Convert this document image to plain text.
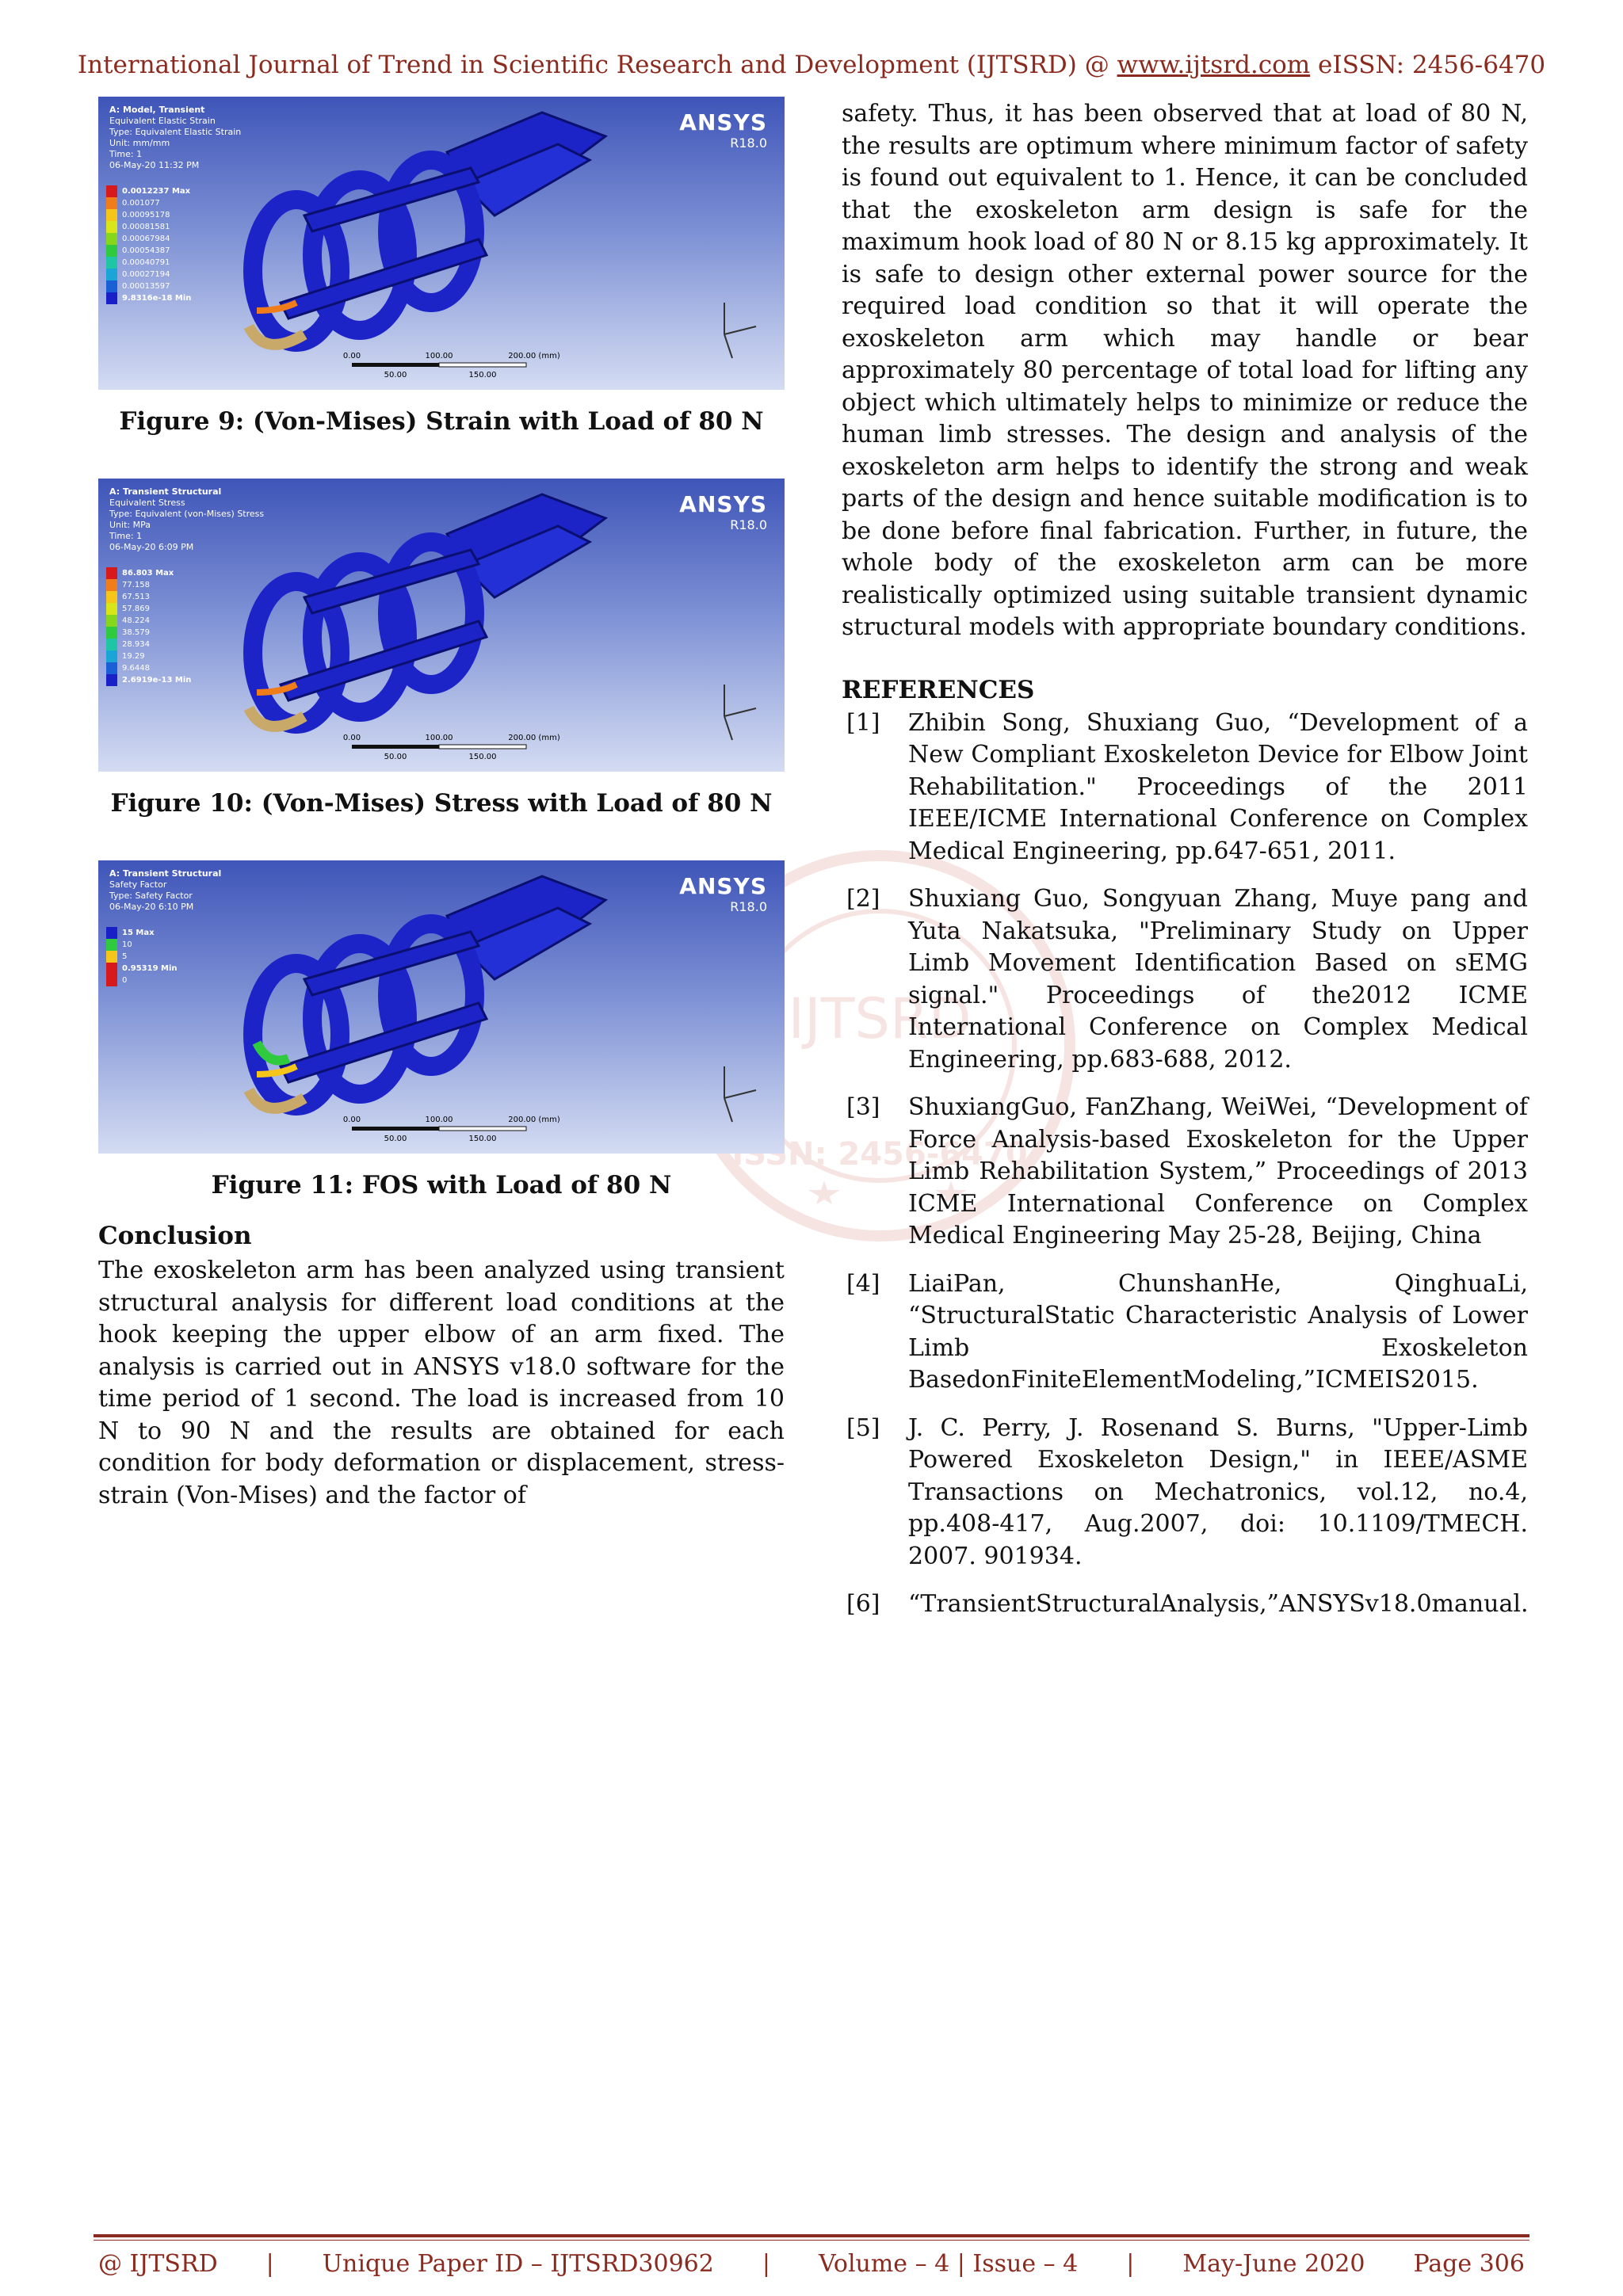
International Journal of Trend in Scientific Research and Development (IJTSRD) @ www.ijtsrd.com eISSN: 2456-6470
IJTSRD
ISSN: 2456-6470
A: Model, Transient
Equivalent Elastic Strain
Type: Equivalent Elastic Strain
Unit: mm/mm
Time: 1
06-May-20 11:32 PM
0.0012237 Max
0.001077
0.00095178
0.00081581
0.00067984
0.00054387
0.00040791
0.00027194
0.00013597
9.8316e-18 Min
ANSYS
R18.0
0.00	100.00	200.00 (mm)
50.00	150.00
Figure 9: (Von-Mises) Strain with Load of 80 N
A: Transient Structural
Equivalent Stress
Type: Equivalent (von-Mises) Stress
Unit: MPa
Time: 1
06-May-20 6:09 PM
86.803 Max
77.158
67.513
57.869
48.224
38.579
28.934
19.29
9.6448
2.6919e-13 Min
ANSYS
R18.0
0.00	100.00	200.00 (mm)
50.00	150.00
Figure 10: (Von-Mises) Stress with Load of 80 N
A: Transient Structural
Safety Factor
Type: Safety Factor
06-May-20 6:10 PM
15 Max
10
5
0.95319 Min
0
ANSYS
R18.0
0.00	100.00	200.00 (mm)
50.00	150.00
Figure 11: FOS with Load of 80 N
Conclusion
The exoskeleton arm has been analyzed using transient structural analysis for different load conditions at the hook keeping the upper elbow of an arm fixed. The analysis is carried out in ANSYS v18.0 software for the time period of 1 second. The load is increased from 10 N to 90 N and the results are obtained for each condition for body deformation or displacement, stress- strain (Von-Mises) and the factor of
safety. Thus, it has been observed that at load of 80 N, the results are optimum where minimum factor of safety is found out equivalent to 1. Hence, it can be concluded that the exoskeleton arm design is safe for the maximum hook load of 80 N or 8.15 kg approximately. It is safe to design other external power source for the required load condition so that it will operate the exoskeleton arm which may handle or bear approximately 80 percentage of total load for lifting any object which ultimately helps to minimize or reduce the human limb stresses. The design and analysis of the exoskeleton arm helps to identify the strong and weak parts of the design and hence suitable modification is to be done before final fabrication. Further, in future, the whole body of the exoskeleton arm can be more realistically optimized using suitable transient dynamic structural models with appropriate boundary conditions.
REFERENCES
[1]	Zhibin Song, Shuxiang Guo, “Development of a New Compliant Exoskeleton Device for Elbow Joint Rehabilitation." Proceedings of the 2011 IEEE/ICME International Conference on Complex Medical Engineering, pp.647-651, 2011.
[2]	Shuxiang Guo, Songyuan Zhang, Muye pang and Yuta Nakatsuka, "Preliminary Study on Upper Limb Movement Identification Based on sEMG signal." Proceedings of the2012 ICME International Conference on Complex Medical Engineering, pp.683-688, 2012.
[3]	ShuxiangGuo, FanZhang, WeiWei, “Development of Force Analysis-based Exoskeleton for the Upper Limb Rehabilitation System,” Proceedings of 2013 ICME International Conference on Complex Medical Engineering May 25-28, Beijing, China
[4]	LiaiPan, ChunshanHe, QinghuaLi, “StructuralStatic Characteristic Analysis of Lower Limb Exoskeleton BasedonFiniteElementModeling,”ICMEIS2015.
[5]	J. C. Perry, J. Rosenand S. Burns, "Upper-Limb Powered Exoskeleton Design," in IEEE/ASME Transactions on Mechatronics, vol.12, no.4, pp.408-417, Aug.2007, doi: 10.1109/TMECH. 2007. 901934.
[6]	“TransientStructuralAnalysis,”ANSYSv18.0manual.
@ IJTSRD | Unique Paper ID – IJTSRD30962 | Volume – 4 | Issue – 4 | May-June 2020 Page 306
